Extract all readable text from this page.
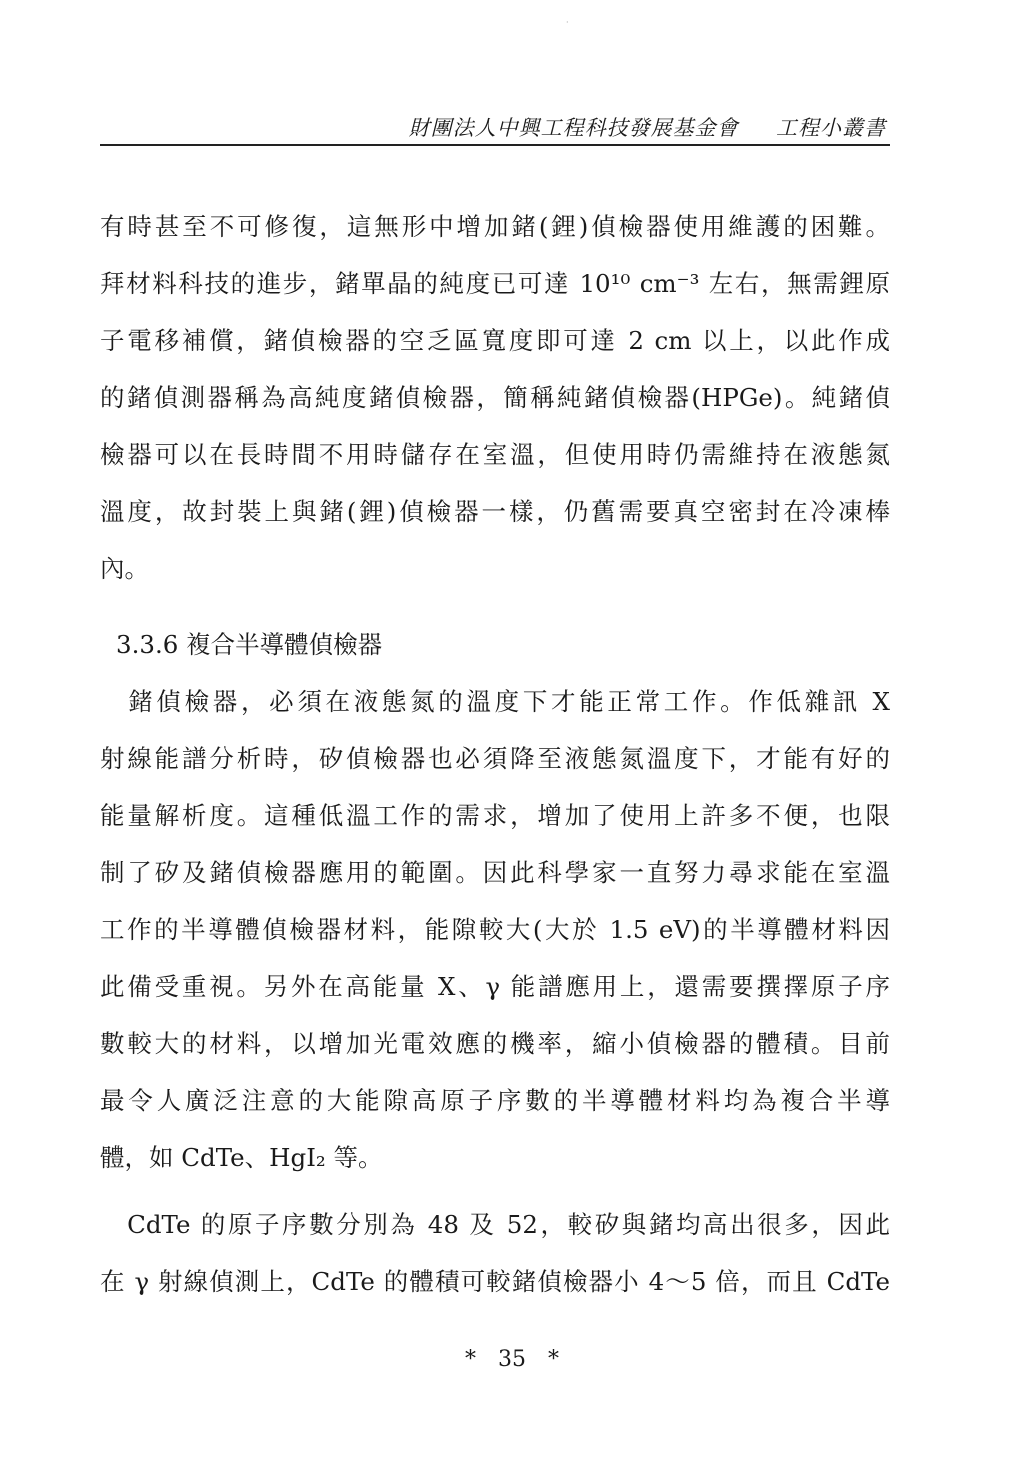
·
財團法人中興工程科技發展基金會 　 工程小叢書
有時甚至不可修復，這無形中增加鍺(鋰)偵檢器使用維護的困難。
拜材料科技的進步，鍺單晶的純度已可達 10¹⁰ cm⁻³ 左右，無需鋰原
子電移補償，鍺偵檢器的空乏區寬度即可達 2 cm 以上，以此作成
的鍺偵測器稱為高純度鍺偵檢器，簡稱純鍺偵檢器(HPGe)。純鍺偵
檢器可以在長時間不用時儲存在室溫，但使用時仍需維持在液態氮
溫度，故封裝上與鍺(鋰)偵檢器一樣，仍舊需要真空密封在冷凍棒
內。
3.3.6 複合半導體偵檢器
　鍺偵檢器，必須在液態氮的溫度下才能正常工作。作低雜訊 X
射線能譜分析時，矽偵檢器也必須降至液態氮溫度下，才能有好的
能量解析度。這種低溫工作的需求，增加了使用上許多不便，也限
制了矽及鍺偵檢器應用的範圍。因此科學家一直努力尋求能在室溫
工作的半導體偵檢器材料，能隙較大(大於 1.5 eV)的半導體材料因
此備受重視。另外在高能量 X、γ 能譜應用上，還需要撰擇原子序
數較大的材料，以增加光電效應的機率，縮小偵檢器的體積。目前
最令人廣泛注意的大能隙高原子序數的半導體材料均為複合半導
體，如 CdTe、HgI₂ 等。
　CdTe 的原子序數分別為 48 及 52，較矽與鍺均高出很多，因此
在 γ 射線偵測上，CdTe 的體積可較鍺偵檢器小 4～5 倍，而且 CdTe
*　35　*
